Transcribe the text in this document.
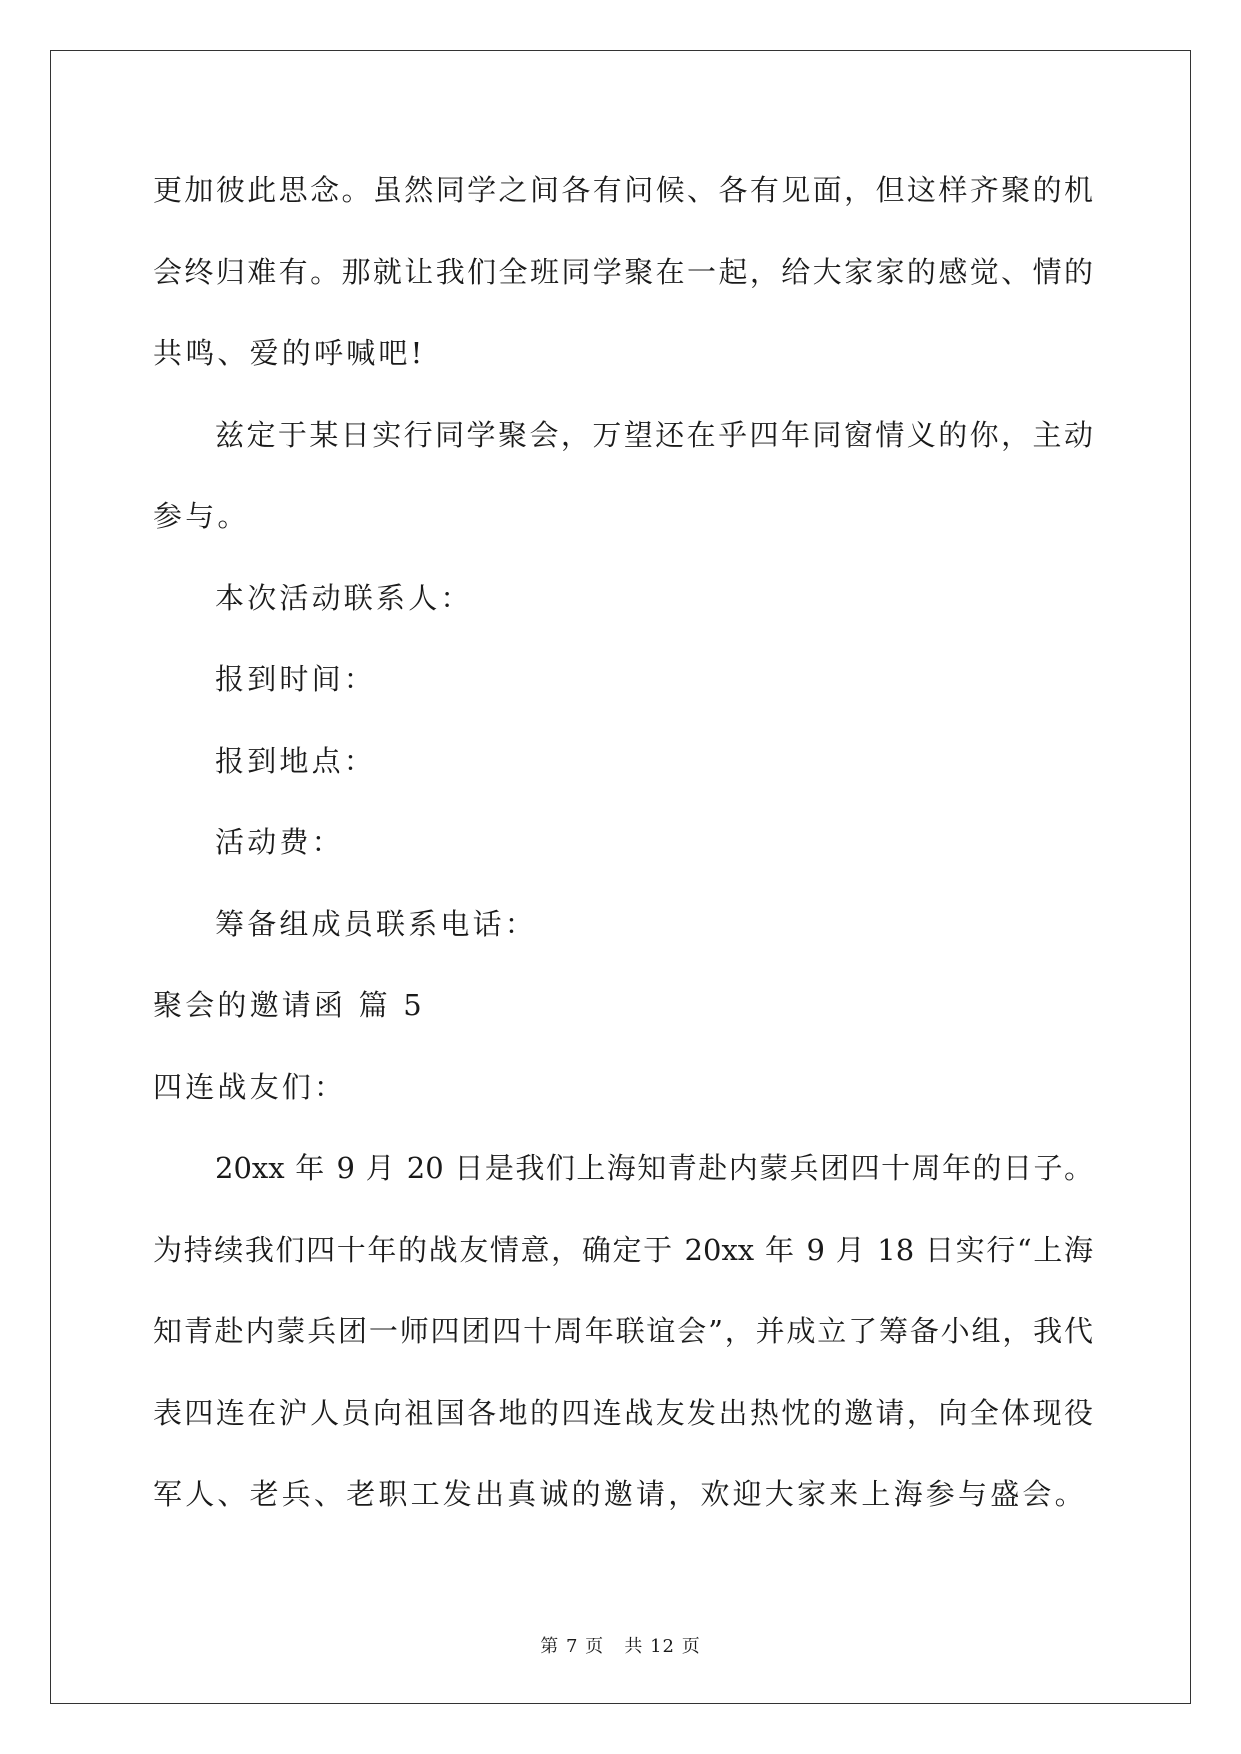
更加彼此思念。虽然同学之间各有问候、各有见面，但这样齐聚的机

会终归难有。那就让我们全班同学聚在一起，给大家家的感觉、情的

共鸣、爱的呼喊吧!

兹定于某日实行同学聚会，万望还在乎四年同窗情义的你，主动

参与。

本次活动联系人：

报到时间：

报到地点：

活动费：

筹备组成员联系电话：

聚会的邀请函 篇 5

四连战友们：

20xx 年 9 月 20 日是我们上海知青赴内蒙兵团四十周年的日子。

为持续我们四十年的战友情意，确定于 20xx 年 9 月 18 日实行“上海

知青赴内蒙兵团一师四团四十周年联谊会”，并成立了筹备小组，我代

表四连在沪人员向祖国各地的四连战友发出热忱的邀请，向全体现役

军人、老兵、老职工发出真诚的邀请，欢迎大家来上海参与盛会。

第 7 页   共 12 页
